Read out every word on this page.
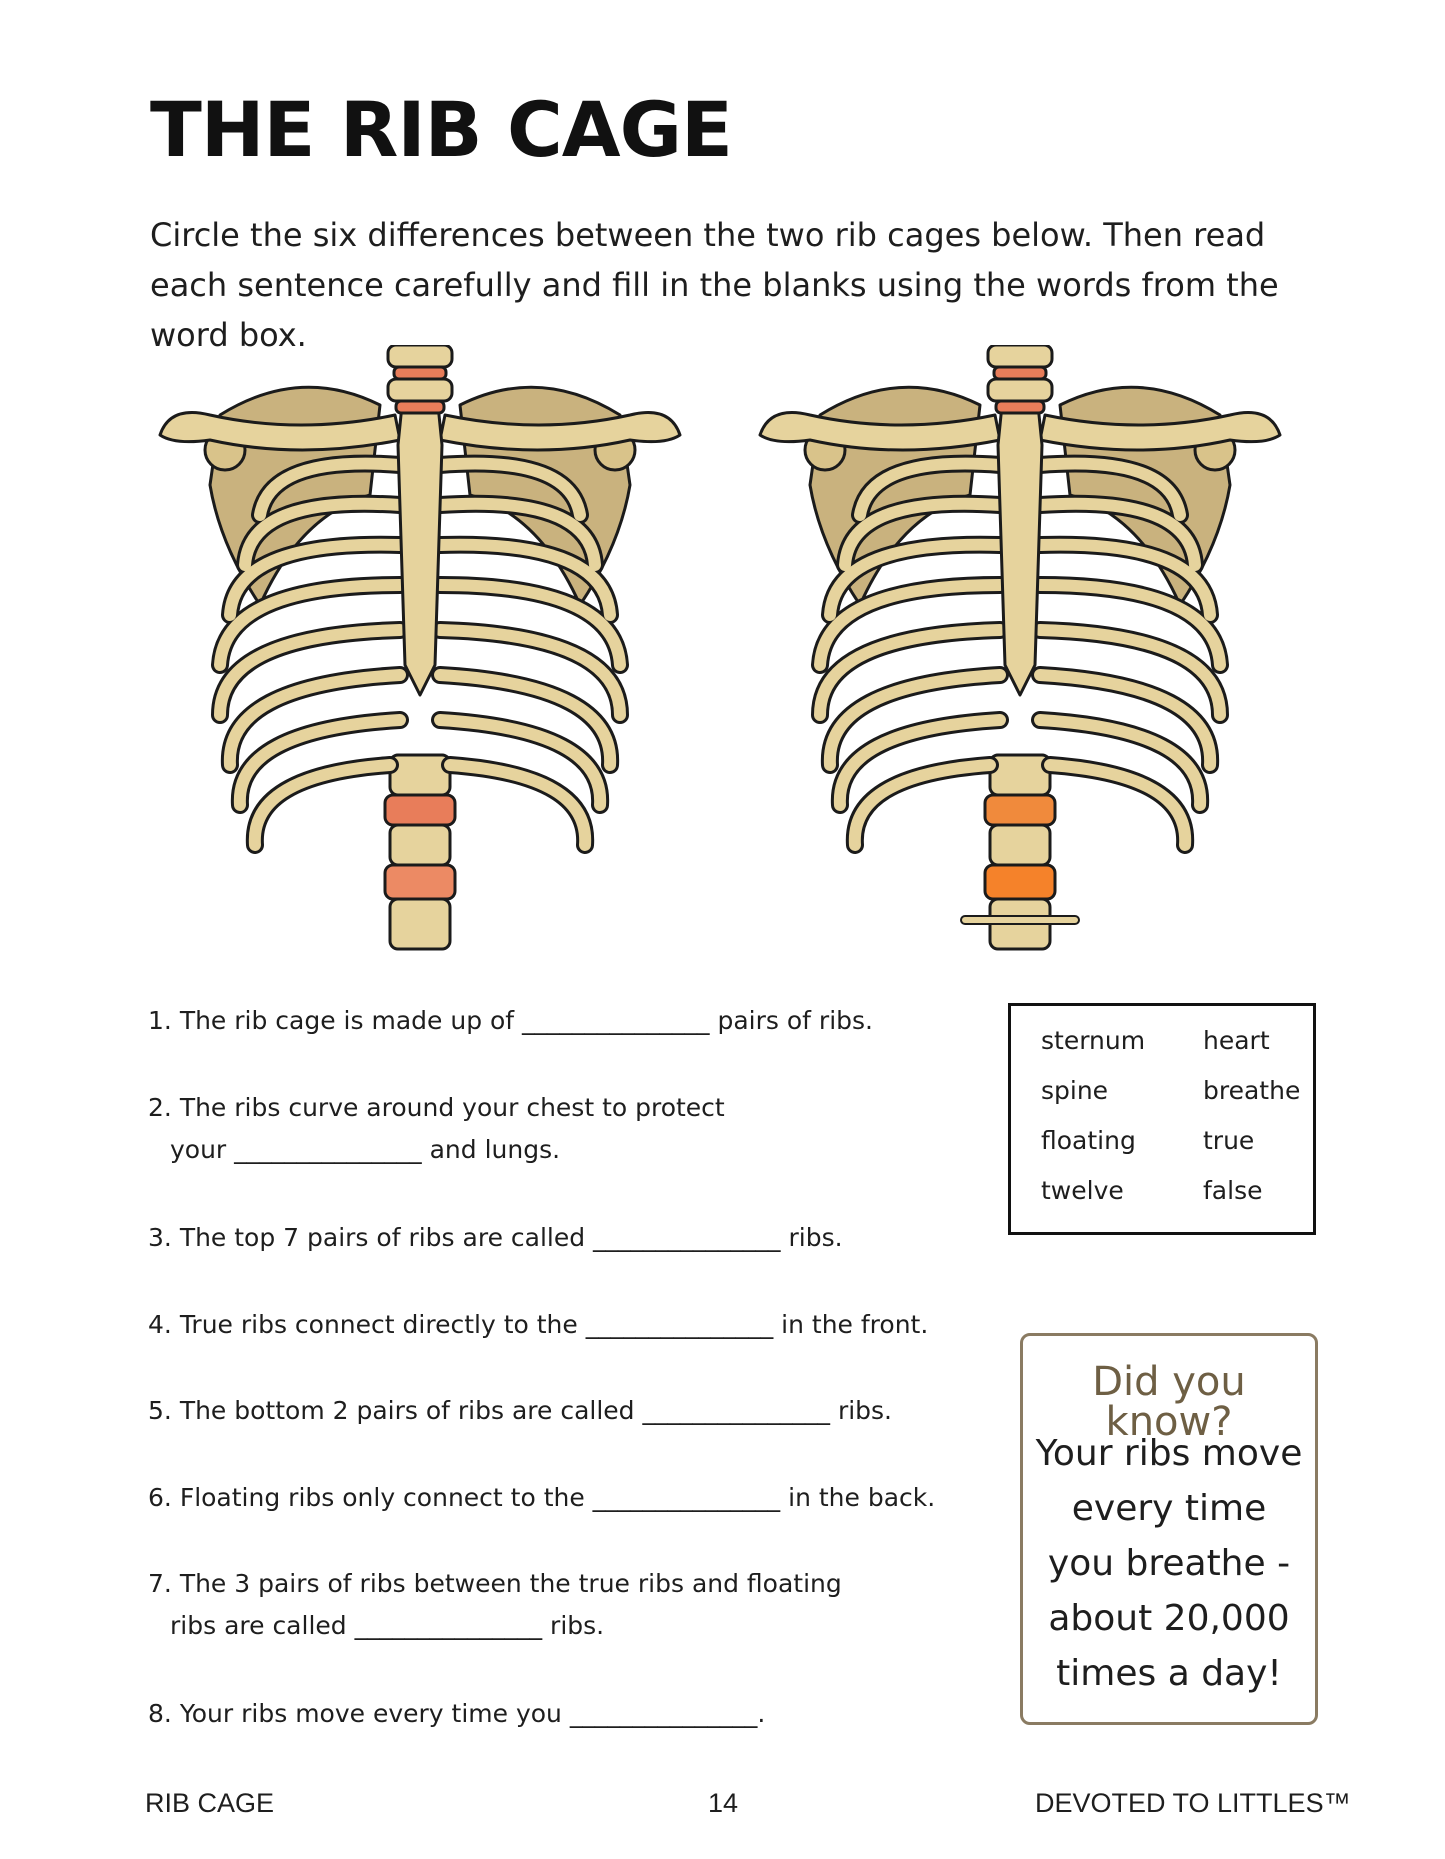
THE RIB CAGE
Circle the six differences between the two rib cages below. Then read each sentence carefully and fill in the blanks using the words from the word box.
1. The rib cage is made up of _______________ pairs of ribs.
2. The ribs curve around your chest to protect
your _______________ and lungs.
3. The top 7 pairs of ribs are called _______________ ribs.
4. True ribs connect directly to the _______________ in the front.
5. The bottom 2 pairs of ribs are called _______________ ribs.
6. Floating ribs only connect to the _______________ in the back.
7. The 3 pairs of ribs between the true ribs and floating
ribs are called _______________ ribs.
8. Your ribs move every time you _______________.
sternum heart
spine	breathe
floating	true
twelve	false
Did you know?
Your ribs move every time you breathe - about 20,000 times a day!
RIB CAGE	14	DEVOTED TO LITTLES™
